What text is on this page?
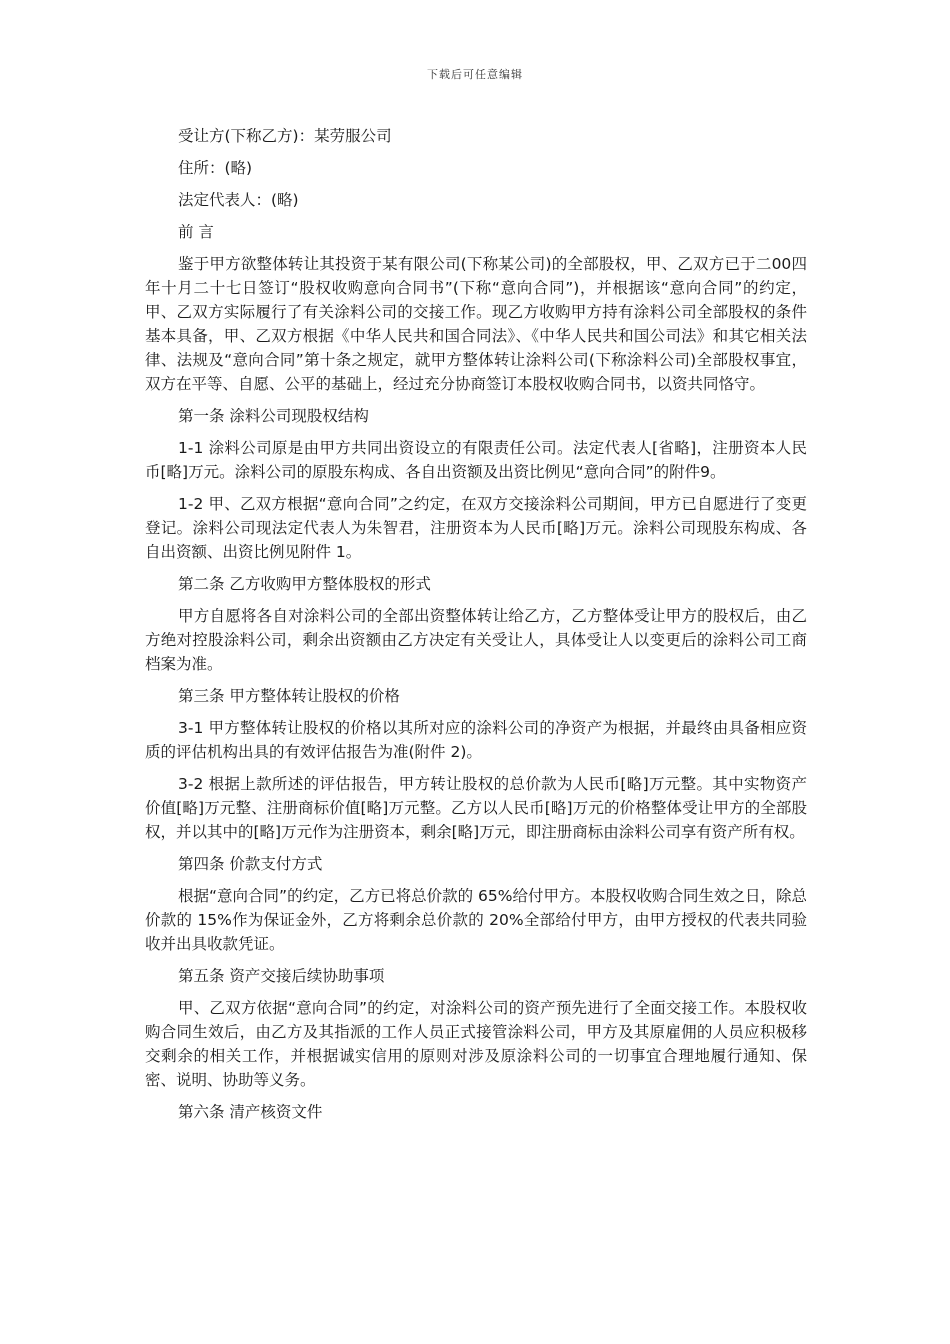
下载后可任意编辑

受让方(下称乙方)：某劳服公司

住所：(略)

法定代表人：(略)

前 言

鉴于甲方欲整体转让其投资于某有限公司(下称某公司)的全部股权，甲、乙双方已于二00四年十月二十七日签订“股权收购意向合同书”(下称“意向合同”)，并根据该“意向合同”的约定，甲、乙双方实际履行了有关涂料公司的交接工作。现乙方收购甲方持有涂料公司全部股权的条件基本具备，甲、乙双方根据《中华人民共和国合同法》、《中华人民共和国公司法》和其它相关法律、法规及“意向合同”第十条之规定，就甲方整体转让涂料公司(下称涂料公司)全部股权事宜，双方在平等、自愿、公平的基础上，经过充分协商签订本股权收购合同书，以资共同恪守。

第一条 涂料公司现股权结构

1-1 涂料公司原是由甲方共同出资设立的有限责任公司。法定代表人[省略]，注册资本人民币[略]万元。涂料公司的原股东构成、各自出资额及出资比例见“意向合同”的附件9。

1-2 甲、乙双方根据“意向合同”之约定，在双方交接涂料公司期间，甲方已自愿进行了变更登记。涂料公司现法定代表人为朱智君，注册资本为人民币[略]万元。涂料公司现股东构成、各自出资额、出资比例见附件 1。

第二条 乙方收购甲方整体股权的形式

甲方自愿将各自对涂料公司的全部出资整体转让给乙方，乙方整体受让甲方的股权后，由乙方绝对控股涂料公司，剩余出资额由乙方决定有关受让人，具体受让人以变更后的涂料公司工商档案为准。

第三条 甲方整体转让股权的价格

3-1 甲方整体转让股权的价格以其所对应的涂料公司的净资产为根据，并最终由具备相应资质的评估机构出具的有效评估报告为准(附件 2)。

3-2 根据上款所述的评估报告，甲方转让股权的总价款为人民币[略]万元整。其中实物资产价值[略]万元整、注册商标价值[略]万元整。乙方以人民币[略]万元的价格整体受让甲方的全部股权，并以其中的[略]万元作为注册资本，剩余[略]万元，即注册商标由涂料公司享有资产所有权。

第四条 价款支付方式

根据“意向合同”的约定，乙方已将总价款的 65%给付甲方。本股权收购合同生效之日，除总价款的 15%作为保证金外，乙方将剩余总价款的 20%全部给付甲方，由甲方授权的代表共同验收并出具收款凭证。

第五条 资产交接后续协助事项

甲、乙双方依据“意向合同”的约定，对涂料公司的资产预先进行了全面交接工作。本股权收购合同生效后，由乙方及其指派的工作人员正式接管涂料公司，甲方及其原雇佣的人员应积极移交剩余的相关工作，并根据诚实信用的原则对涉及原涂料公司的一切事宜合理地履行通知、保密、说明、协助等义务。

第六条 清产核资文件
